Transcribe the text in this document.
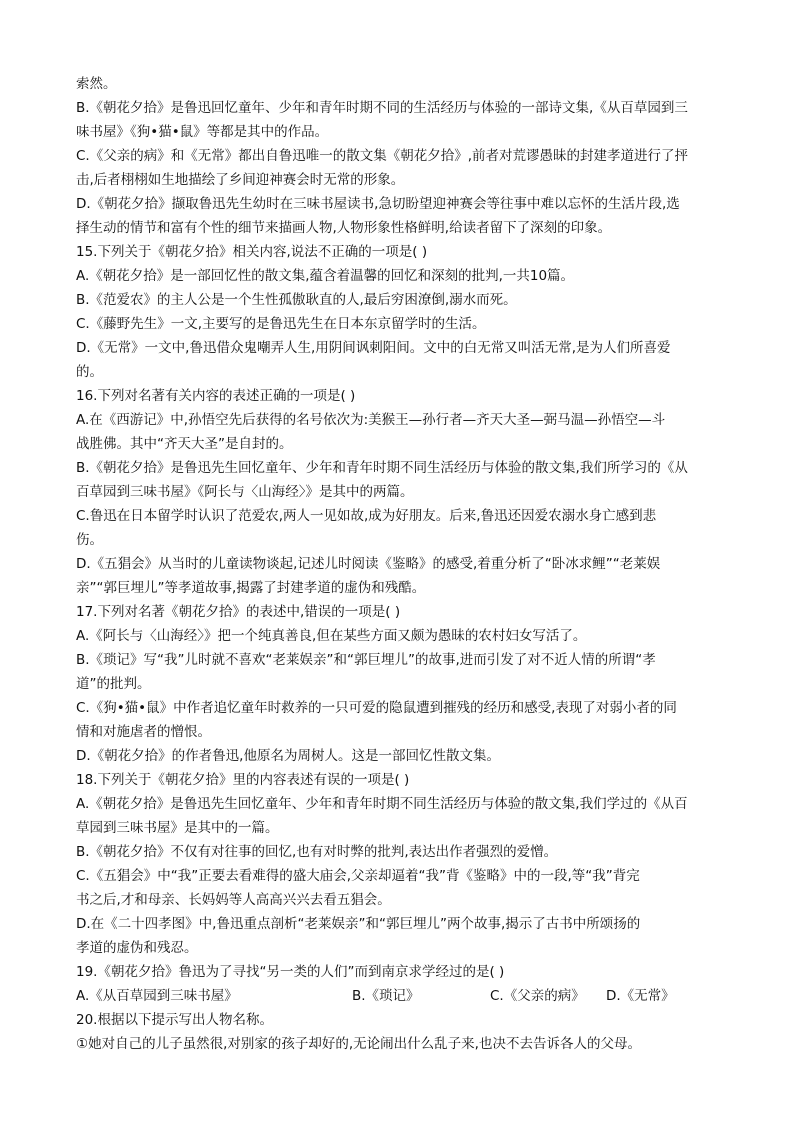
索然。
B.《朝花夕拾》是鲁迅回忆童年、少年和青年时期不同的生活经历与体验的一部诗文集,《从百草园到三
味书屋》《狗•猫•鼠》等都是其中的作品。
C.《父亲的病》和《无常》都出自鲁迅唯一的散文集《朝花夕拾》,前者对荒谬愚昧的封建孝道进行了抨
击,后者栩栩如生地描绘了乡间迎神赛会时无常的形象。
D.《朝花夕拾》撷取鲁迅先生幼时在三味书屋读书,急切盼望迎神赛会等往事中难以忘怀的生活片段,选
择生动的情节和富有个性的细节来描画人物,人物形象性格鲜明,给读者留下了深刻的印象。
15.下列关于《朝花夕拾》相关内容,说法不正确的一项是( )
A.《朝花夕拾》是一部回忆性的散文集,蕴含着温馨的回忆和深刻的批判,一共10篇。
B.《范爱农》的主人公是一个生性孤傲耿直的人,最后穷困潦倒,溺水而死。
C.《藤野先生》一文,主要写的是鲁迅先生在日本东京留学时的生活。
D.《无常》一文中,鲁迅借众鬼嘲弄人生,用阴间讽刺阳间。文中的白无常又叫活无常,是为人们所喜爱
的。
16.下列对名著有关内容的表述正确的一项是( )
A.在《西游记》中,孙悟空先后获得的名号依次为:美猴王—孙行者—齐天大圣—弼马温—孙悟空—斗
战胜佛。其中“齐天大圣”是自封的。
B.《朝花夕拾》是鲁迅先生回忆童年、少年和青年时期不同生活经历与体验的散文集,我们所学习的《从
百草园到三味书屋》《阿长与〈山海经〉》是其中的两篇。
C.鲁迅在日本留学时认识了范爱农,两人一见如故,成为好朋友。后来,鲁迅还因爱农溺水身亡感到悲
伤。
D.《五猖会》从当时的儿童读物谈起,记述儿时阅读《鉴略》的感受,着重分析了“卧冰求鲤”“老莱娱
亲”“郭巨埋儿”等孝道故事,揭露了封建孝道的虚伪和残酷。
17.下列对名著《朝花夕拾》的表述中,错误的一项是( )
A.《阿长与〈山海经〉》把一个纯真善良,但在某些方面又颇为愚昧的农村妇女写活了。
B.《琐记》写“我”儿时就不喜欢“老莱娱亲”和“郭巨埋儿”的故事,进而引发了对不近人情的所谓“孝
道”的批判。
C.《狗•猫•鼠》中作者追忆童年时救养的一只可爱的隐鼠遭到摧残的经历和感受,表现了对弱小者的同
情和对施虐者的憎恨。
D.《朝花夕拾》的作者鲁迅,他原名为周树人。这是一部回忆性散文集。
18.下列关于《朝花夕拾》里的内容表述有误的一项是( )
A.《朝花夕拾》是鲁迅先生回忆童年、少年和青年时期不同生活经历与体验的散文集,我们学过的《从百
草园到三味书屋》是其中的一篇。
B.《朝花夕拾》不仅有对往事的回忆,也有对时弊的批判,表达出作者强烈的爱憎。
C.《五猖会》中“我”正要去看难得的盛大庙会,父亲却逼着“我”背《鉴略》中的一段,等“我”背完
书之后,才和母亲、长妈妈等人高高兴兴去看五猖会。
D.在《二十四孝图》中,鲁迅重点剖析“老莱娱亲”和“郭巨埋儿”两个故事,揭示了古书中所颂扬的
孝道的虚伪和残忍。
19.《朝花夕拾》鲁迅为了寻找“另一类的人们”而到南京求学经过的是( )
A.《从百草园到三味书屋》	B.《琐记》	C.《父亲的病》 D.《无常》
20.根据以下提示写出人物名称。
①她对自己的儿子虽然很,对别家的孩子却好的,无论闹出什么乱子来,也决不去告诉各人的父母。
